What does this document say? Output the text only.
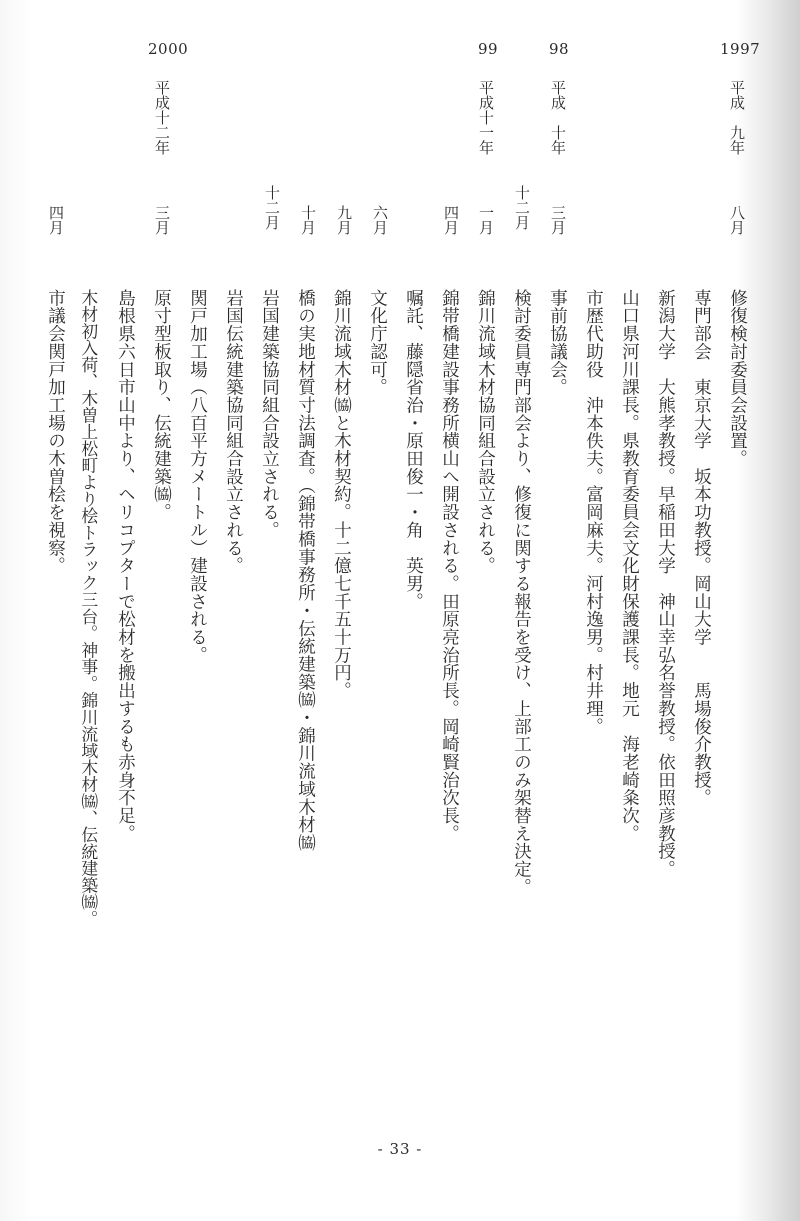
1997
98
99
2000
平成　九年
平成　十年
平成十一年
平成十二年
八月
三月
十二月
一月
四月
六月
九月
十月
十二月
三月
四月
修復検討委員会設置。
専門部会　東京大学　坂本功教授。岡山大学　　馬場俊介教授。
新潟大学　大熊孝教授。早稲田大学　神山幸弘名誉教授。依田照彦教授。
山口県河川課長。県教育委員会文化財保護課長。地元　海老崎粂次。
市歴代助役　沖本佚夫。富岡麻夫。河村逸男。村井理。
事前協議会。
検討委員専門部会より、修復に関する報告を受け、上部工のみ架替え決定。
錦川流域木材協同組合設立される。
錦帯橋建設事務所横山へ開設される。田原亮治所長。岡崎賢治次長。
嘱託、藤隠省治・原田俊一・角　英男。
文化庁認可。
錦川流域木材㈿と木材契約。十二億七千五十万円。
橋の実地材質寸法調査。（錦帯橋事務所・伝統建築㈿・錦川流域木材㈿
岩国建築協同組合設立される。
岩国伝統建築協同組合設立される。
関戸加工場（八百平方メートル）建設される。
原寸型板取り、伝統建築㈿。
島根県六日市山中より、ヘリコプターで松材を搬出するも赤身不足。
木材初入荷、木曽上松町より桧トラック三台。神事。錦川流域木材㈿、伝統建築㈿。
市議会関戸加工場の木曽桧を視察。
- 33 -
